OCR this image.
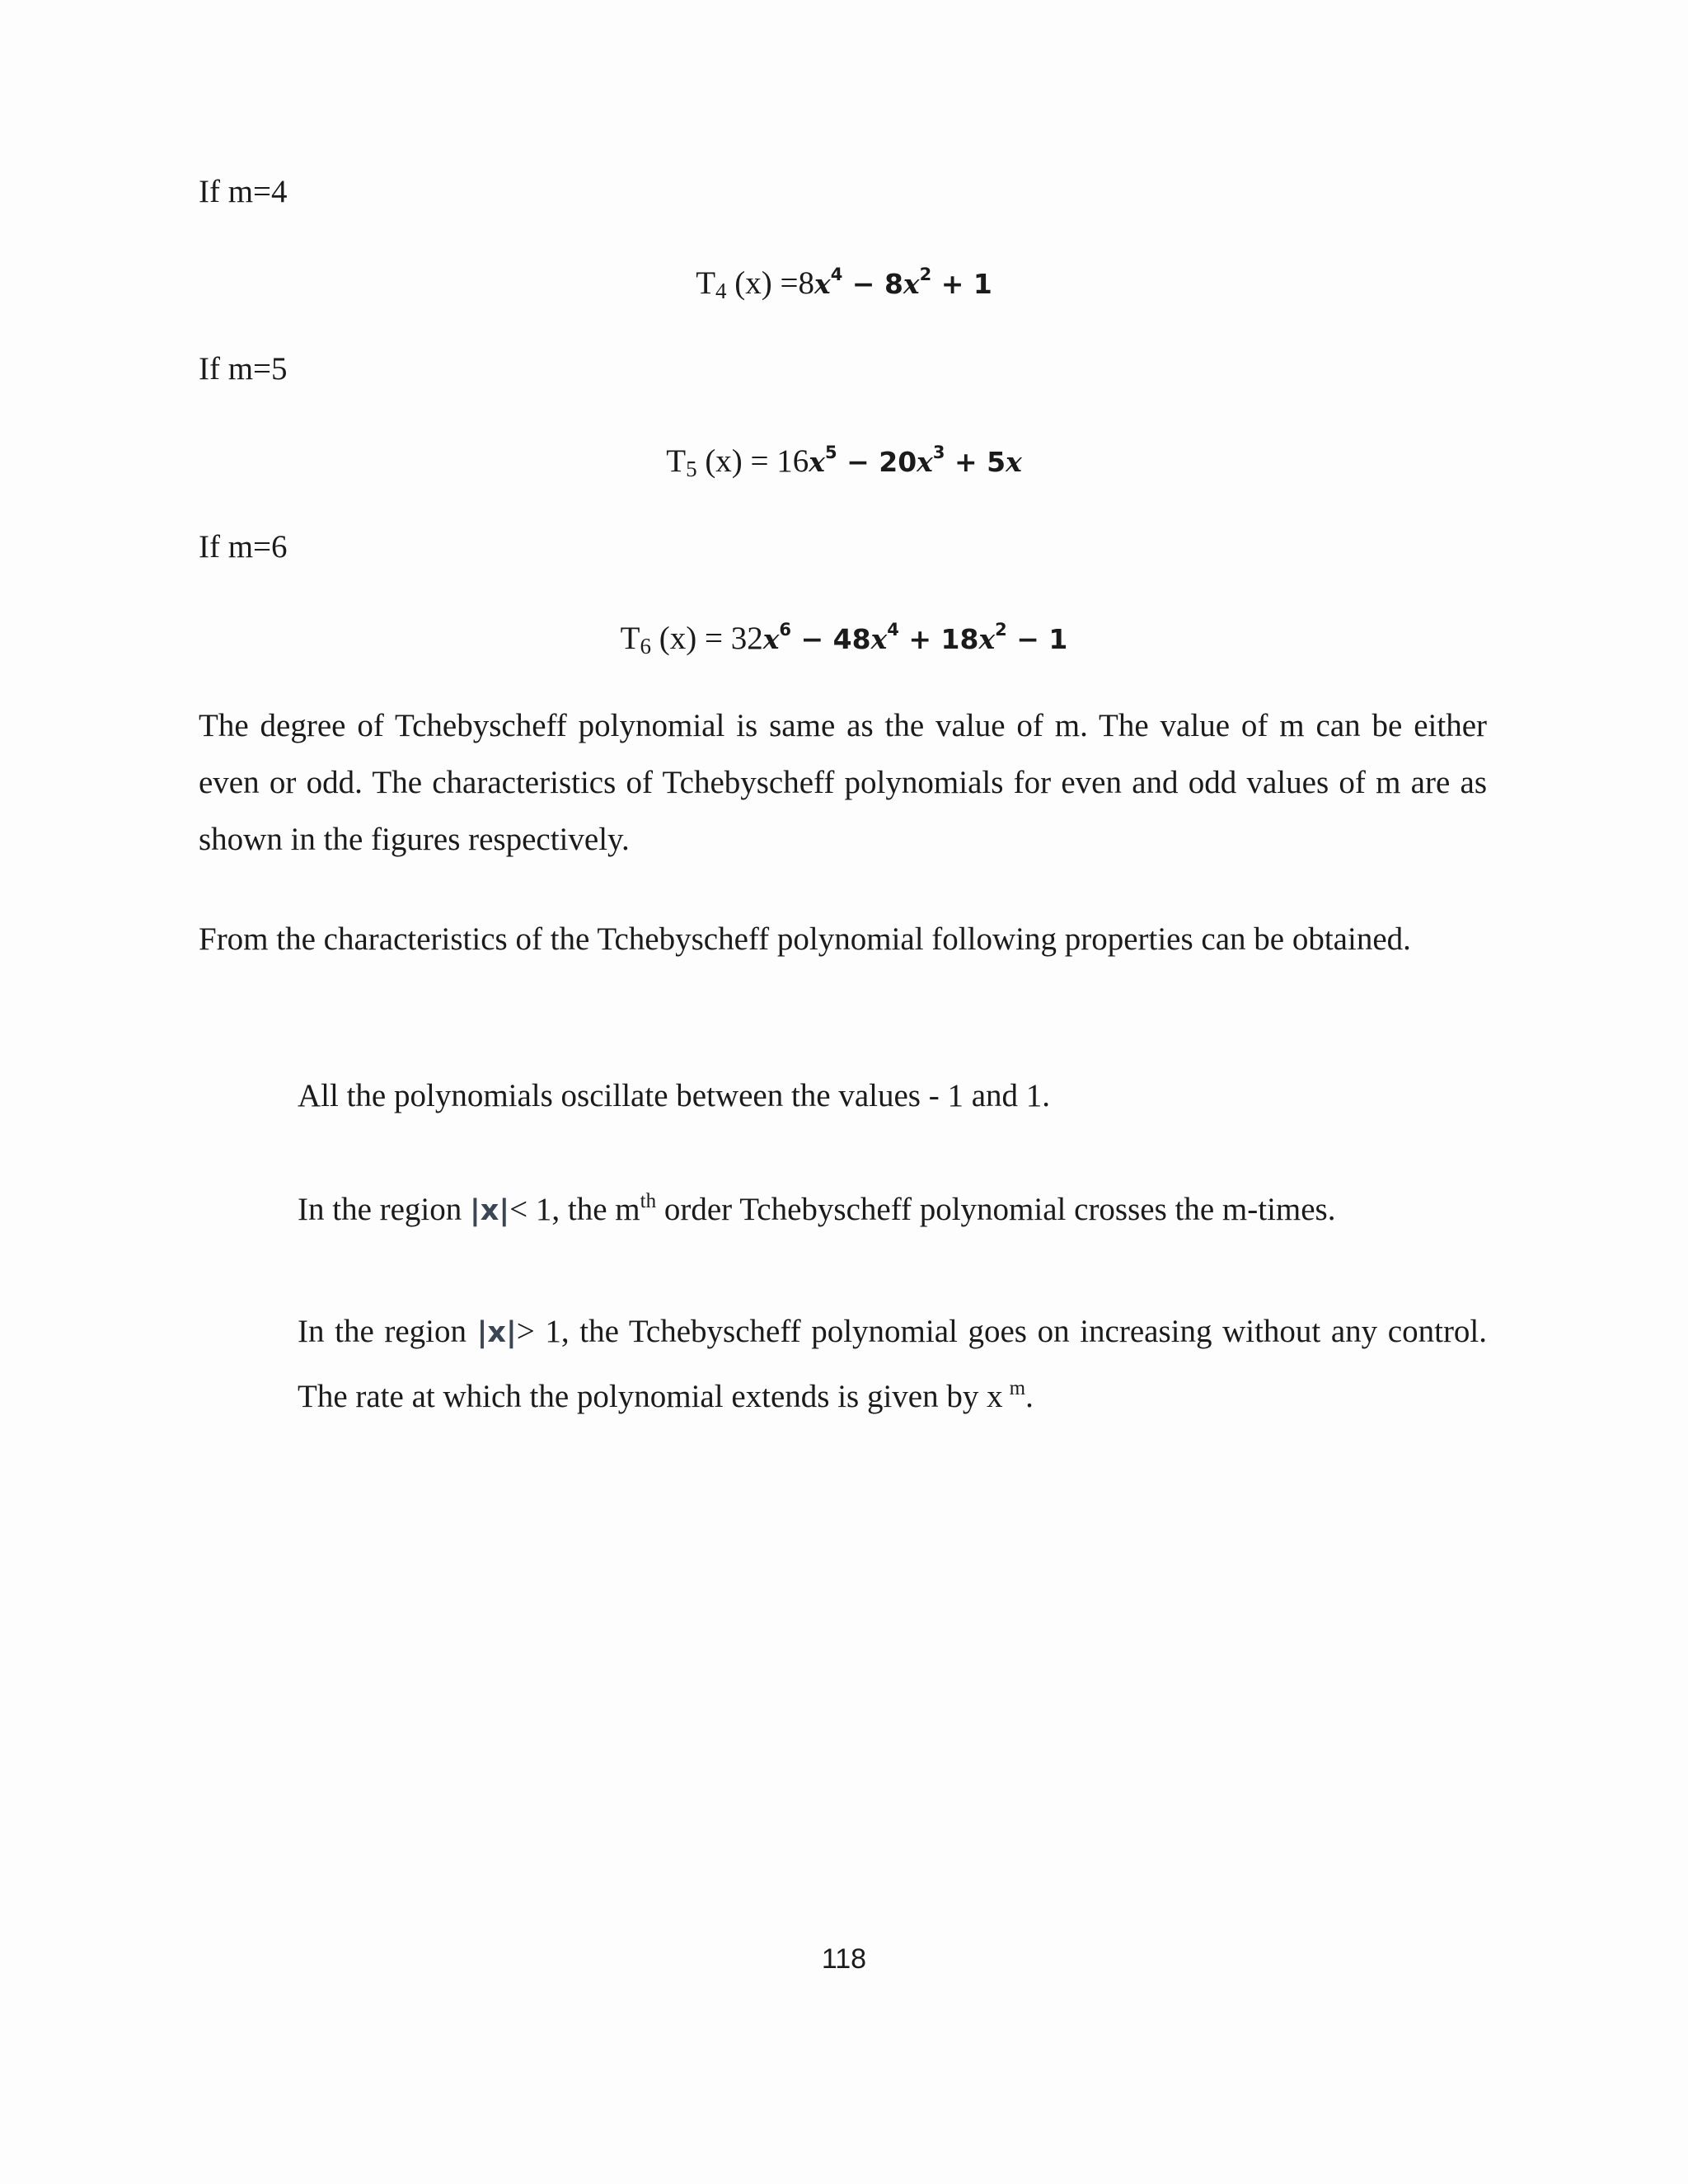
If m=4
$T_4$ $(x) =8x^4 - 8x^2 + 1$
If m=5
$T_5$ $(x) = 16x^5 - 20x^3 + 5x$
If m=6
$T_6$ $(x) = 32x^6 - 48x^4 + 18x^2 - 1$
The degree of Tchebyscheff polynomial is same as the value of m. The value of m can be either even or odd. The characteristics of Tchebyscheff polynomials for even and odd values of m are as shown in the figures respectively.
From the characteristics of the Tchebyscheff polynomial following properties can be obtained.
All the polynomials oscillate between the values - 1 and 1.
In the region |x|< 1, the $m^{th}$ order Tchebyscheff polynomial crosses the m-times.
In the region |x|> 1, the Tchebyscheff polynomial goes on increasing without any control. The rate at which the polynomial extends is given by x $^m$.
118
